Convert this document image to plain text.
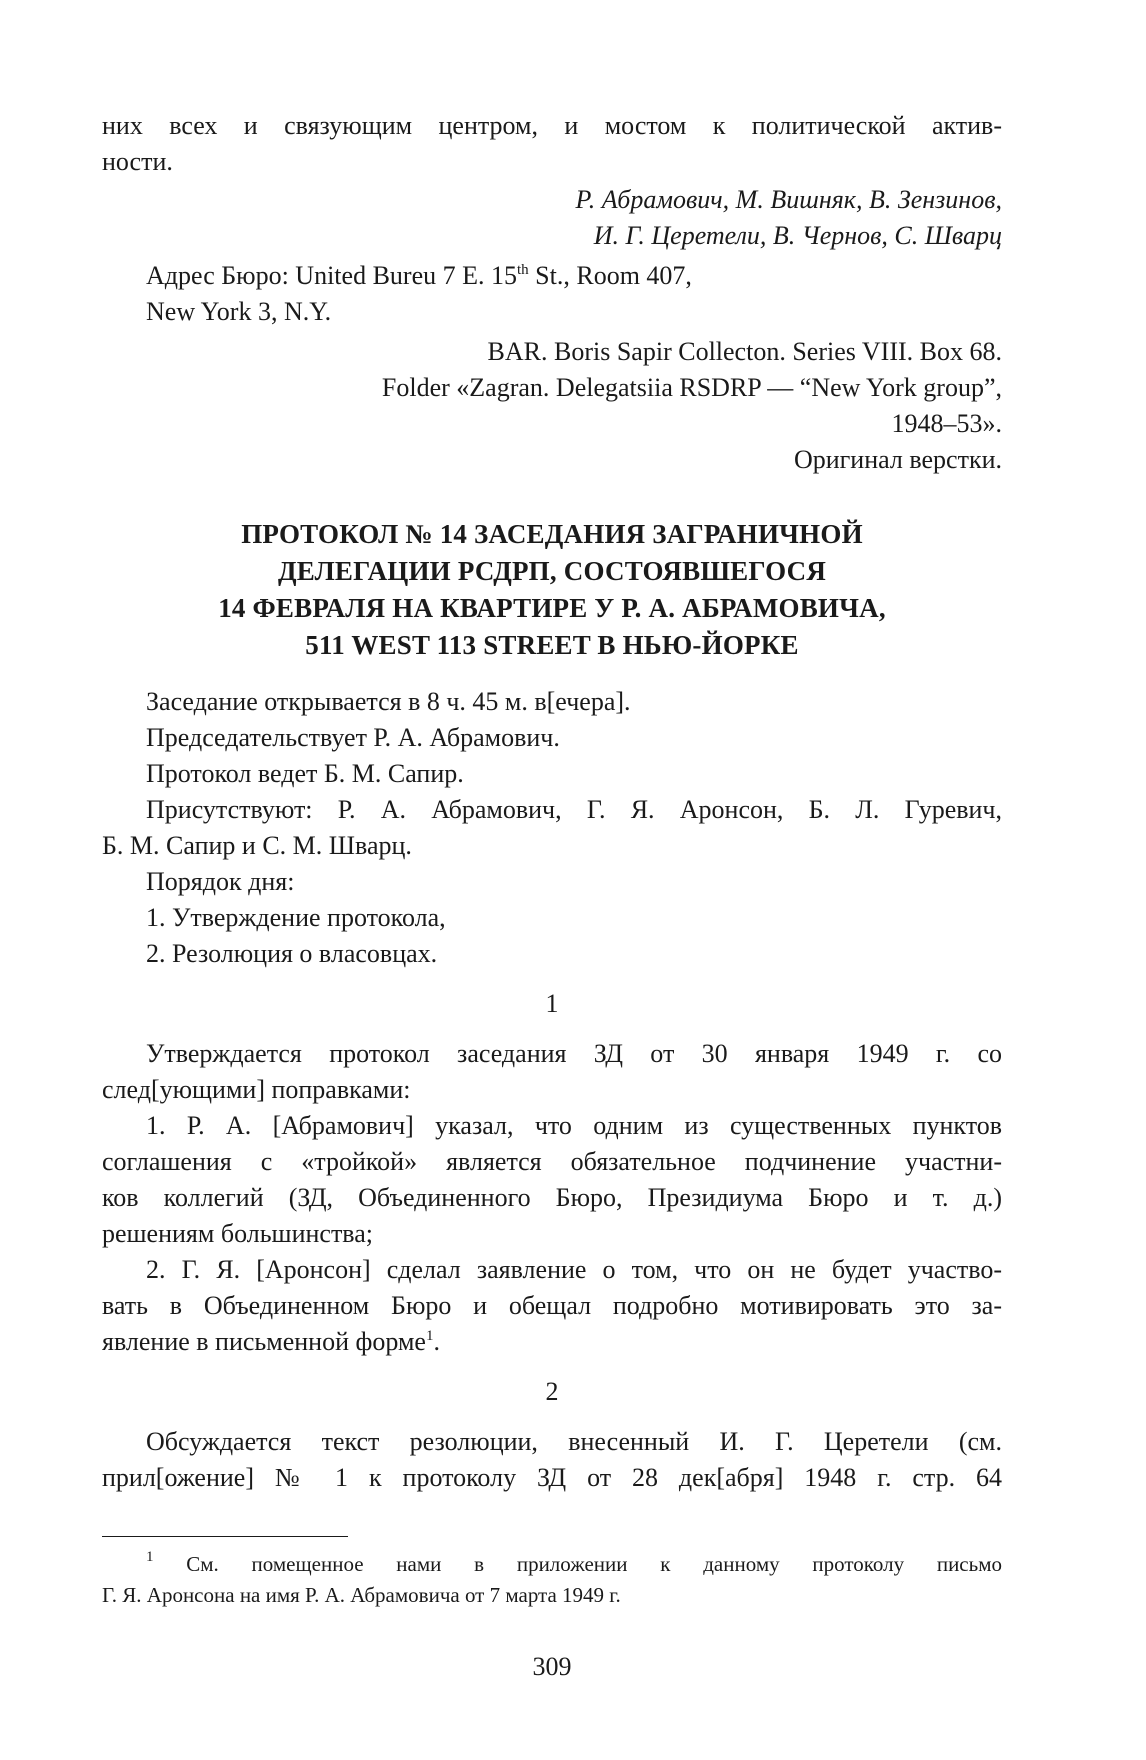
них всех и связующим центром, и мостом к политической актив-

ности.

Р. Абрамович, М. Вишняк, В. Зензинов,

И. Г. Церетели, В. Чернов, С. Шварц

Адрес Бюро: United Bureu 7 E. 15th St., Room 407,

New York 3, N.Y.

BAR. Boris Sapir Collecton. Series VIII. Box 68.

Folder «Zagran. Delegatsiia RSDRP — “New York group”,

1948–53».

Оригинал верстки.

ПРОТОКОЛ № 14 ЗАСЕДАНИЯ ЗАГРАНИЧНОЙ

ДЕЛЕГАЦИИ РСДРП, СОСТОЯВШЕГОСЯ

14 ФЕВРАЛЯ НА КВАРТИРЕ У Р. А. АБРАМОВИЧА,

511 WEST 113 STREET В НЬЮ-ЙОРКЕ

Заседание открывается в 8 ч. 45 м. в[ечера].

Председательствует Р. А. Абрамович.

Протокол ведет Б. М. Сапир.

Присутствуют: Р. А. Абрамович, Г. Я. Аронсон, Б. Л. Гуревич,

Б. М. Сапир и С. М. Шварц.

Порядок дня:

1. Утверждение протокола,

2. Резолюция о власовцах.

1

Утверждается протокол заседания ЗД от 30 января 1949 г. со

след[ующими] поправками:

1. Р. А. [Абрамович] указал, что одним из существенных пунктов

соглашения с «тройкой» является обязательное подчинение участни-

ков коллегий (ЗД, Объединенного Бюро, Президиума Бюро и т. д.)

решениям большинства;

2. Г. Я. [Аронсон] сделал заявление о том, что он не будет участво-

вать в Объединенном Бюро и обещал подробно мотивировать это за-

явление в письменной форме$^1$.

2

Обсуждается текст резолюции, внесенный И. Г. Церетели (см.

прил[ожение] № 1 к протоколу ЗД от 28 дек[абря] 1948 г. стр. 64

$^1$ См. помещенное нами в приложении к данному протоколу письмо

Г. Я. Аронсона на имя Р. А. Абрамовича от 7 марта 1949 г.

309
